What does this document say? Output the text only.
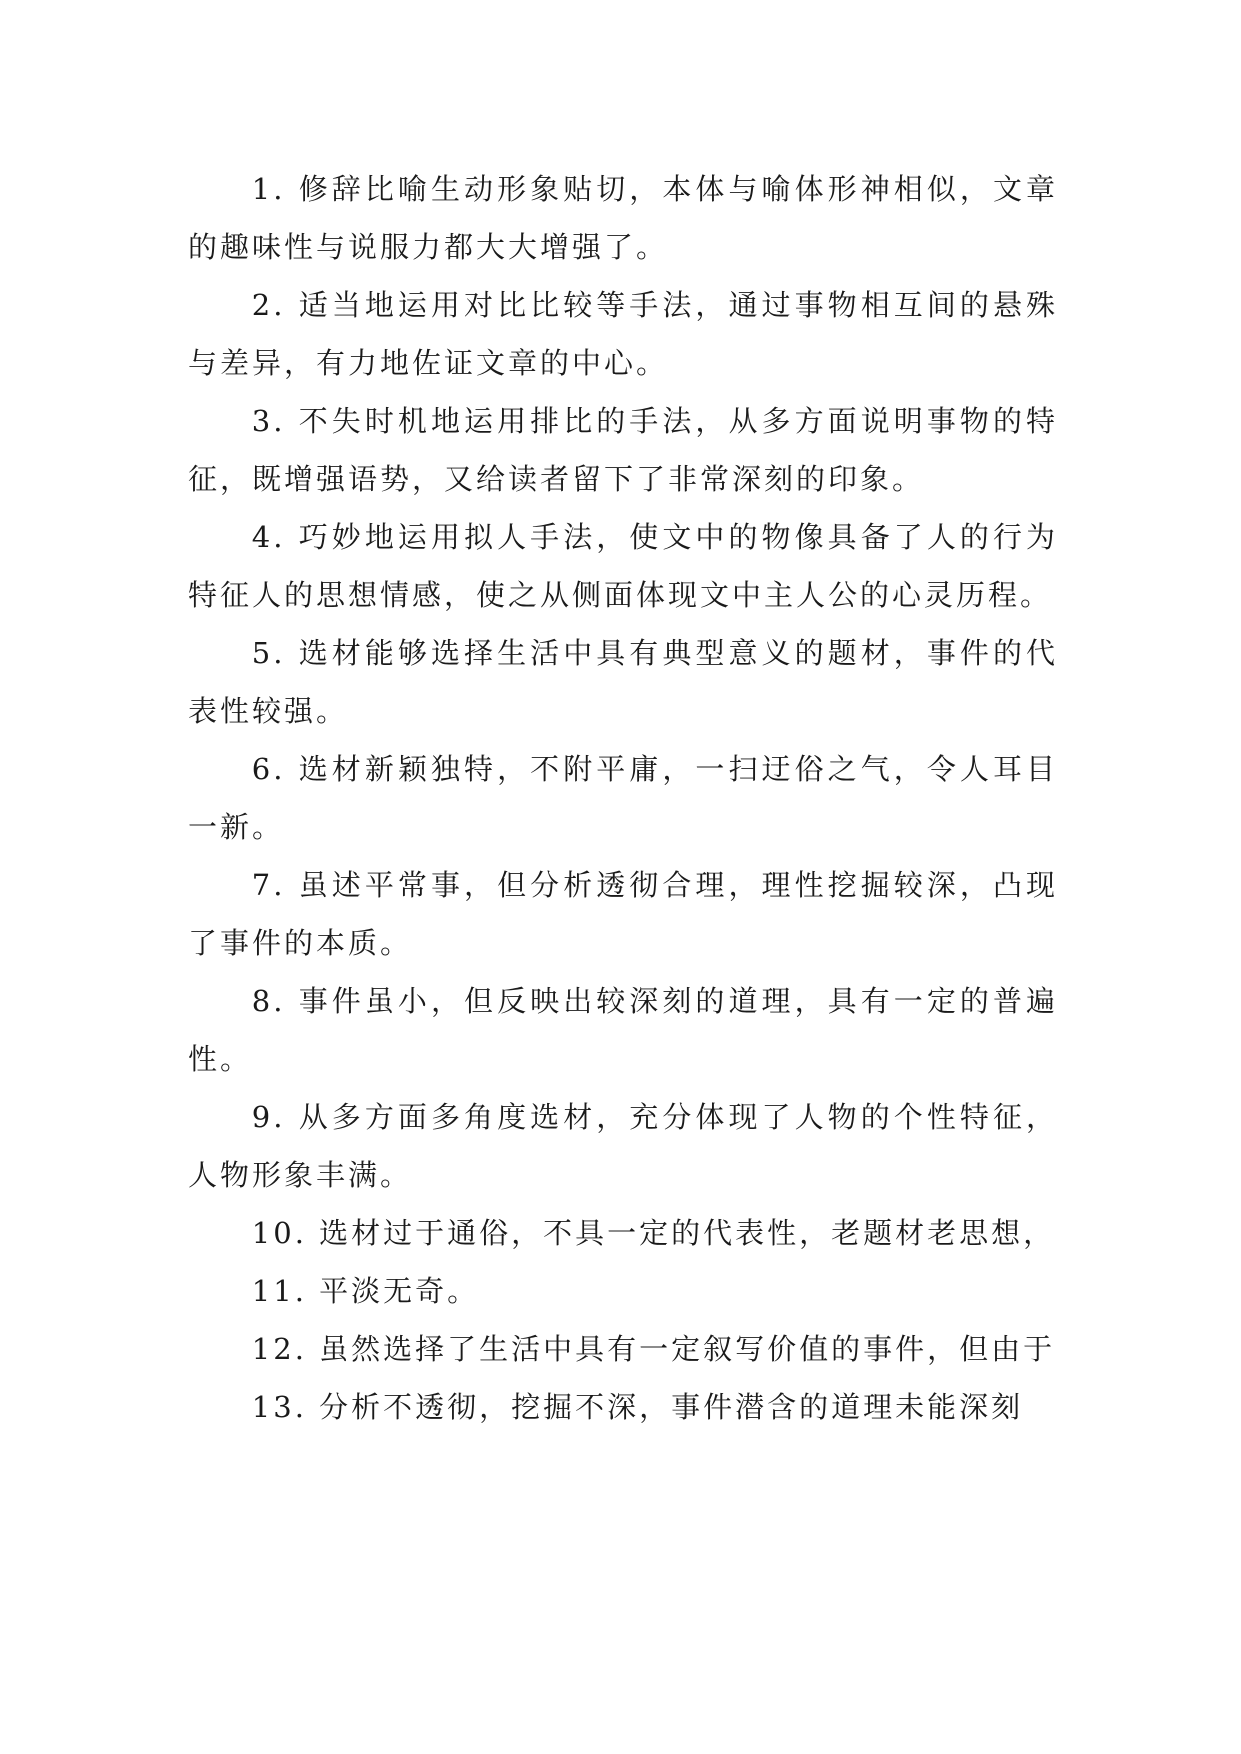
1. 修辞比喻生动形象贴切，本体与喻体形神相似，文章的趣味性与说服力都大大增强了。

2. 适当地运用对比比较等手法，通过事物相互间的悬殊与差异，有力地佐证文章的中心。

3. 不失时机地运用排比的手法，从多方面说明事物的特征，既增强语势，又给读者留下了非常深刻的印象。

4. 巧妙地运用拟人手法，使文中的物像具备了人的行为特征人的思想情感，使之从侧面体现文中主人公的心灵历程。

5. 选材能够选择生活中具有典型意义的题材，事件的代表性较强。

6. 选材新颖独特，不附平庸，一扫迂俗之气，令人耳目一新。

7. 虽述平常事，但分析透彻合理，理性挖掘较深，凸现了事件的本质。

8. 事件虽小，但反映出较深刻的道理，具有一定的普遍性。

9. 从多方面多角度选材，充分体现了人物的个性特征，人物形象丰满。

10. 选材过于通俗，不具一定的代表性，老题材老思想，

11. 平淡无奇。

12. 虽然选择了生活中具有一定叙写价值的事件，但由于

13. 分析不透彻，挖掘不深，事件潜含的道理未能深刻
